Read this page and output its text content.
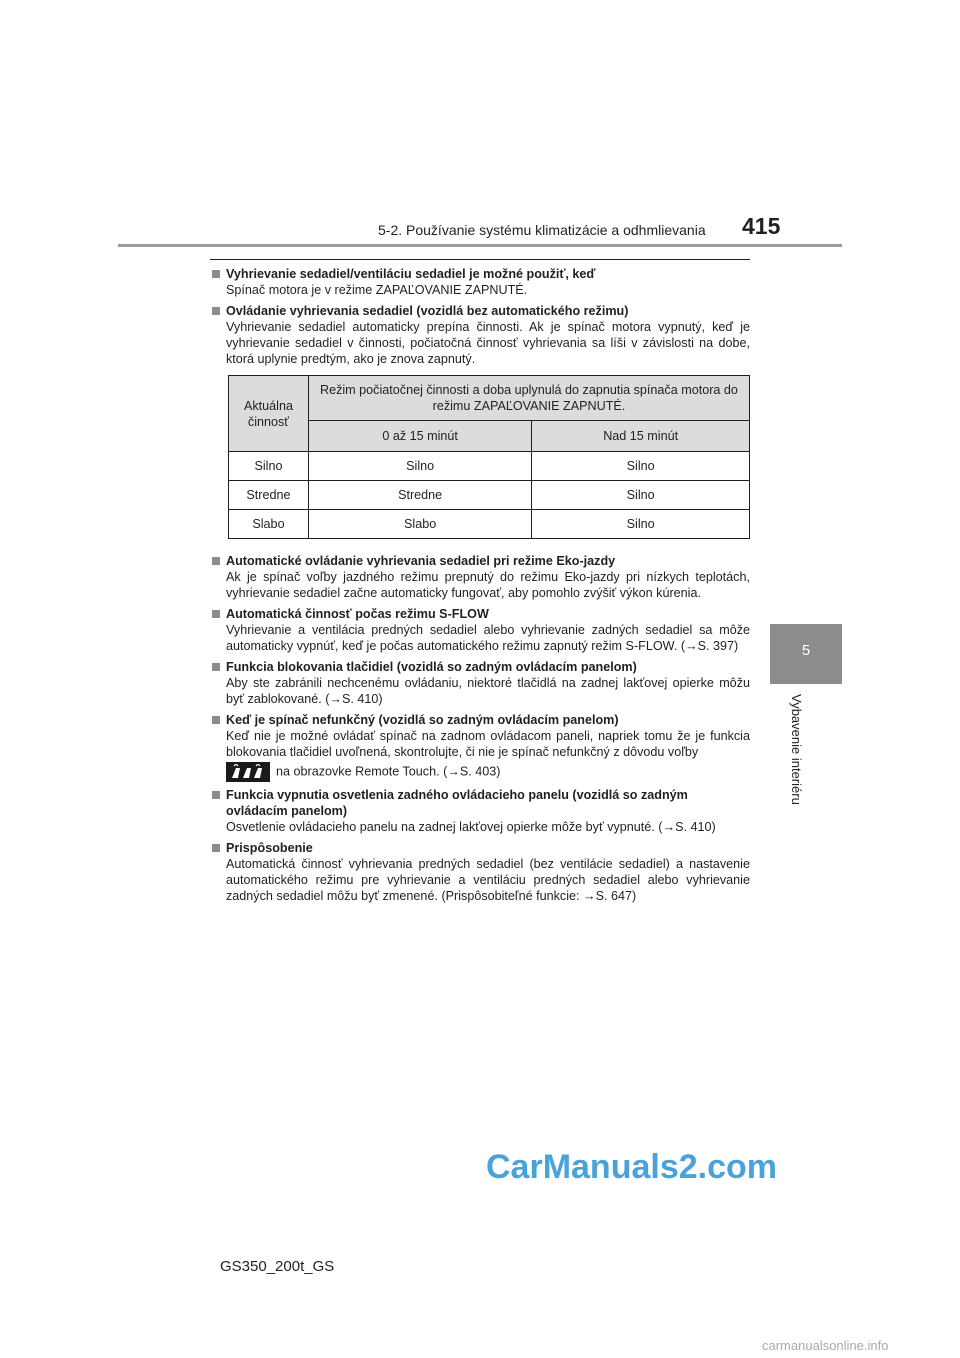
415
5-2. Používanie systému klimatizácie a odhmlievania
5
Vybavenie interiéru
Vyhrievanie sedadiel/ventiláciu sedadiel je možné použiť, keď
Spínač motora je v režime ZAPAĽOVANIE ZAPNUTÉ.
Ovládanie vyhrievania sedadiel (vozidlá bez automatického režimu)
Vyhrievanie sedadiel automaticky prepína činnosti. Ak je spínač motora vypnutý, keď je vyhrievanie sedadiel v činnosti, počiatočná činnosť vyhrievania sa líši v závislosti na dobe, ktorá uplynie predtým, ako je znova zapnutý.
Aktuálna činnosť	Režim počiatočnej činnosti a doba uplynulá do zapnutia spínača motora do režimu ZAPAĽOVANIE ZAPNUTÉ.	
	0 až 15 minút	Nad 15 minút
Silno	Silno	Silno
Stredne	Stredne	Silno
Slabo	Slabo	Silno
Automatické ovládanie vyhrievania sedadiel pri režime Eko-jazdy
Ak je spínač voľby jazdného režimu prepnutý do režimu Eko-jazdy pri nízkych teplotách, vyhrievanie sedadiel začne automaticky fungovať, aby pomohlo zvýšiť výkon kúrenia.
Automatická činnosť počas režimu S-FLOW
Vyhrievanie a ventilácia predných sedadiel alebo vyhrievanie zadných sedadiel sa môže automaticky vypnúť, keď je počas automatického režimu zapnutý režim S-FLOW. (→S. 397)
Funkcia blokovania tlačidiel (vozidlá so zadným ovládacím panelom)
Aby ste zabránili nechcenému ovládaniu, niektoré tlačidlá na zadnej lakťovej opierke môžu byť zablokované. (→S. 410)
Keď je spínač nefunkčný (vozidlá so zadným ovládacím panelom)
Keď nie je možné ovládať spínač na zadnom ovládacom paneli, napriek tomu že je funkcia blokovania tlačidiel uvoľnená, skontrolujte, či nie je spínač nefunkčný z dôvodu voľby
na obrazovke Remote Touch. (→S. 403)
Funkcia vypnutia osvetlenia zadného ovládacieho panelu (vozidlá so zadným ovládacím panelom)
Osvetlenie ovládacieho panelu na zadnej lakťovej opierke môže byť vypnuté. (→S. 410)
Prispôsobenie
Automatická činnosť vyhrievania predných sedadiel (bez ventilácie sedadiel) a nastavenie automatického režimu pre vyhrievanie a ventiláciu predných sedadiel alebo vyhrievanie zadných sedadiel môžu byť zmenené. (Prispôsobiteľné funkcie: →S. 647)
CarManuals2.com
GS350_200t_GS
carmanualsonline.info
